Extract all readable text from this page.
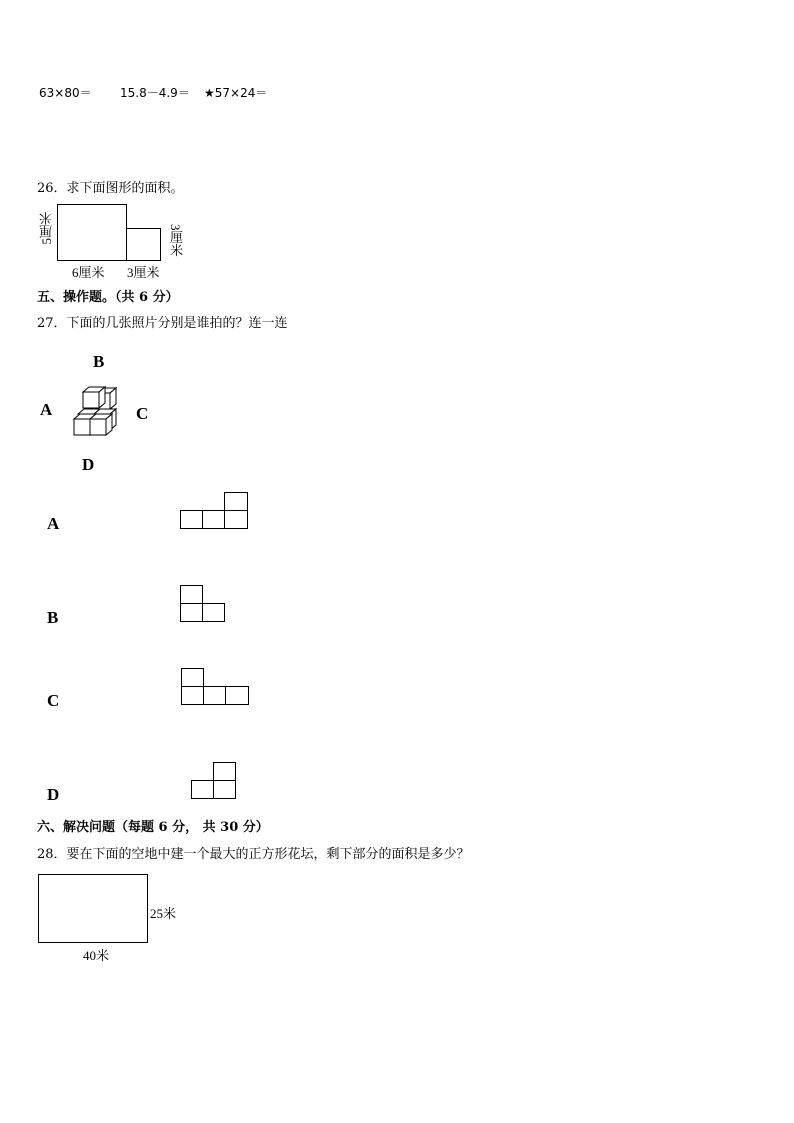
63×80＝ 15.8－4.9＝ ★57×24＝
26．求下面图形的面积。
5厘米	3厘米
6厘米 3厘米
五、操作题。（共 6 分）
27．下面的几张照片分别是谁拍的？连一连
B
A	C
D
A
B
C
D
六、解决问题（每题 6 分， 共 30 分）
28．要在下面的空地中建一个最大的正方形花坛，剩下部分的面积是多少？
25米
40米
